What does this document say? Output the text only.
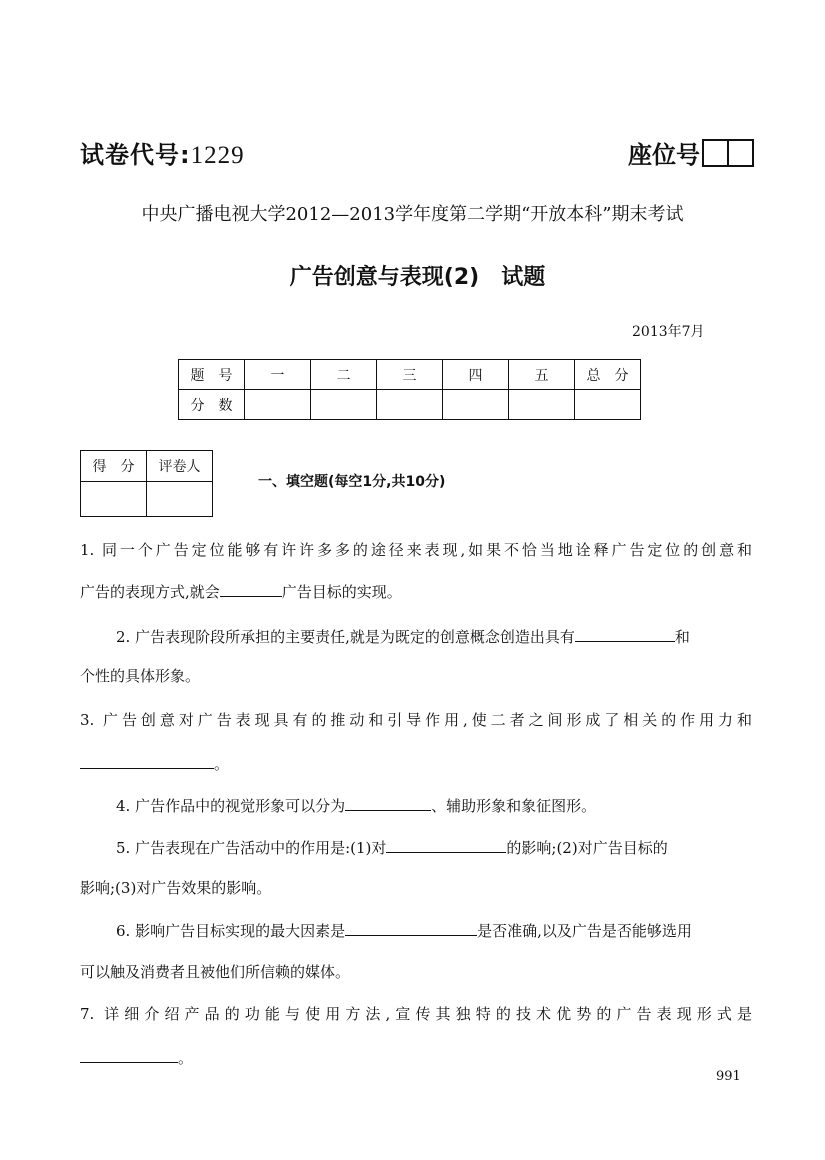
试卷代号:1229	座位号
中央广播电视大学2012—2013学年度第二学期“开放本科”期末考试
广告创意与表现(2)　试题
2013年7月
题　号	一	二	三	四	五	总　分
分　数						
得　分	评卷人

一、填空题(每空1分,共10分)
1. 同一个广告定位能够有许许多多的途径来表现,如果不恰当地诠释广告定位的创意和
广告的表现方式,就会	广告目标的实现。
2. 广告表现阶段所承担的主要责任,就是为既定的创意概念创造出具有	和
个性的具体形象。
3. 广告创意对广告表现具有的推动和引导作用,使二者之间形成了相关的作用力和
。
4. 广告作品中的视觉形象可以分为	、辅助形象和象征图形。
5. 广告表现在广告活动中的作用是:(1)对	的影响;(2)对广告目标的
影响;(3)对广告效果的影响。
6. 影响广告目标实现的最大因素是	是否准确,以及广告是否能够选用
可以触及消费者且被他们所信赖的媒体。
7. 详细介绍产品的功能与使用方法,宣传其独特的技术优势的广告表现形式是
。
991
